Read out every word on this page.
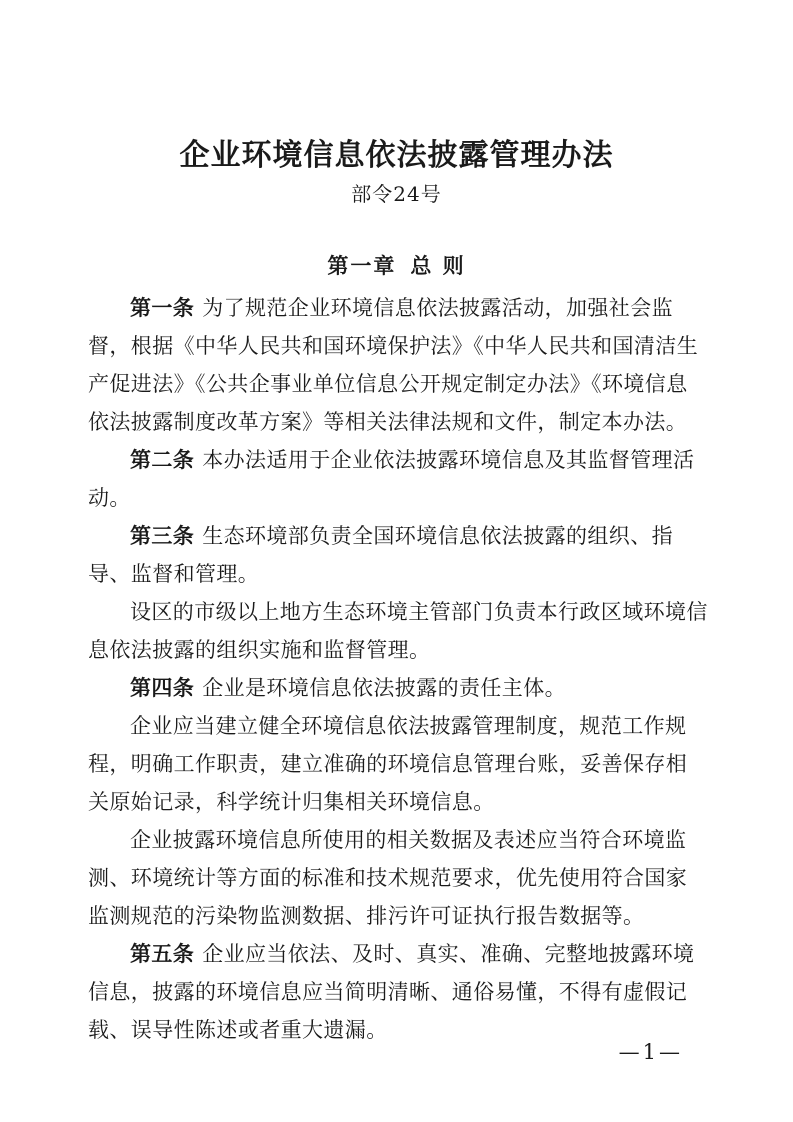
企业环境信息依法披露管理办法
部令24号
第一章 总 则

第一条 为了规范企业环境信息依法披露活动，加强社会监督，根据《中华人民共和国环境保护法》《中华人民共和国清洁生产促进法》《公共企事业单位信息公开规定制定办法》《环境信息依法披露制度改革方案》等相关法律法规和文件，制定本办法。

第二条 本办法适用于企业依法披露环境信息及其监督管理活动。

第三条 生态环境部负责全国环境信息依法披露的组织、指导、监督和管理。

设区的市级以上地方生态环境主管部门负责本行政区域环境信息依法披露的组织实施和监督管理。

第四条 企业是环境信息依法披露的责任主体。

企业应当建立健全环境信息依法披露管理制度，规范工作规程，明确工作职责，建立准确的环境信息管理台账，妥善保存相关原始记录，科学统计归集相关环境信息。

企业披露环境信息所使用的相关数据及表述应当符合环境监测、环境统计等方面的标准和技术规范要求，优先使用符合国家监测规范的污染物监测数据、排污许可证执行报告数据等。

第五条 企业应当依法、及时、真实、准确、完整地披露环境信息，披露的环境信息应当简明清晰、通俗易懂，不得有虚假记载、误导性陈述或者重大遗漏。

—1—
